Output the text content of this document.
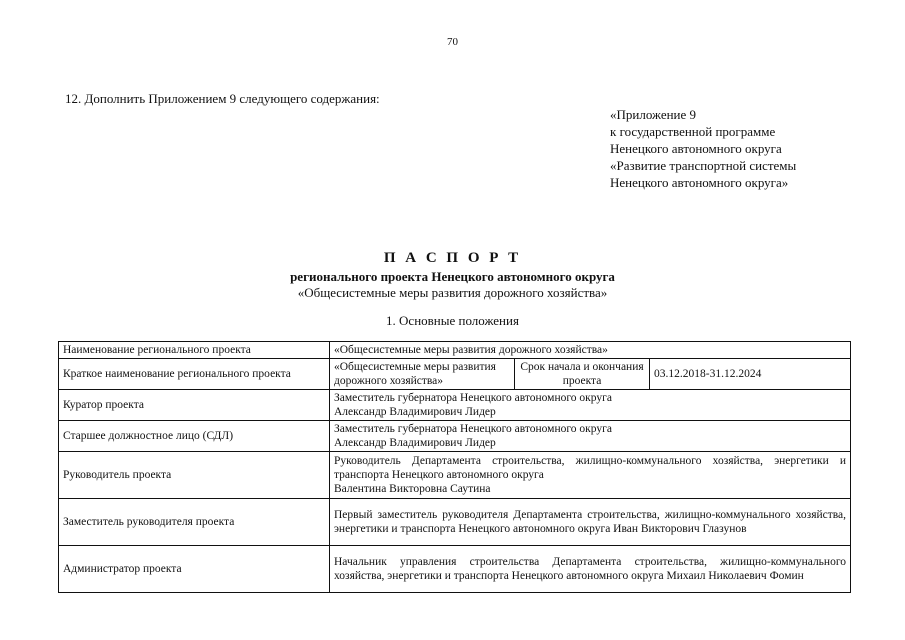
70
12. Дополнить Приложением 9 следующего содержания:
«Приложение 9
к государственной программе
Ненецкого автономного округа
«Развитие транспортной системы
Ненецкого автономного округа»
П А С П О Р Т
регионального проекта Ненецкого автономного округа
«Общесистемные меры развития дорожного хозяйства»
1. Основные положения
Наименование регионального проекта	«Общесистемные меры развития дорожного хозяйства»		
Краткое наименование регионального проекта	«Общесистемные меры развития дорожного хозяйства»	Срок начала и окончания проекта	03.12.2018-31.12.2024
Куратор проекта	Заместитель губернатора Ненецкого автономного округа
Александр Владимирович Лидер		

Старшее должностное лицо (СДЛ)	Заместитель губернатора Ненецкого автономного округа
Александр Владимирович Лидер		

Руководитель проекта	Руководитель Департамента строительства, жилищно-коммунального хозяйства, энергетики и транспорта Ненецкого автономного округа
Валентина Викторовна Саутина		

Заместитель руководителя проекта	Первый заместитель руководителя Департамента строительства, жилищно-коммунального хозяйства, энергетики и транспорта Ненецкого автономного округа Иван Викторович Глазунов		
Администратор проекта	Начальник управления строительства Департамента строительства, жилищно-коммунального хозяйства, энергетики и транспорта Ненецкого автономного округа Михаил Николаевич Фомин		
